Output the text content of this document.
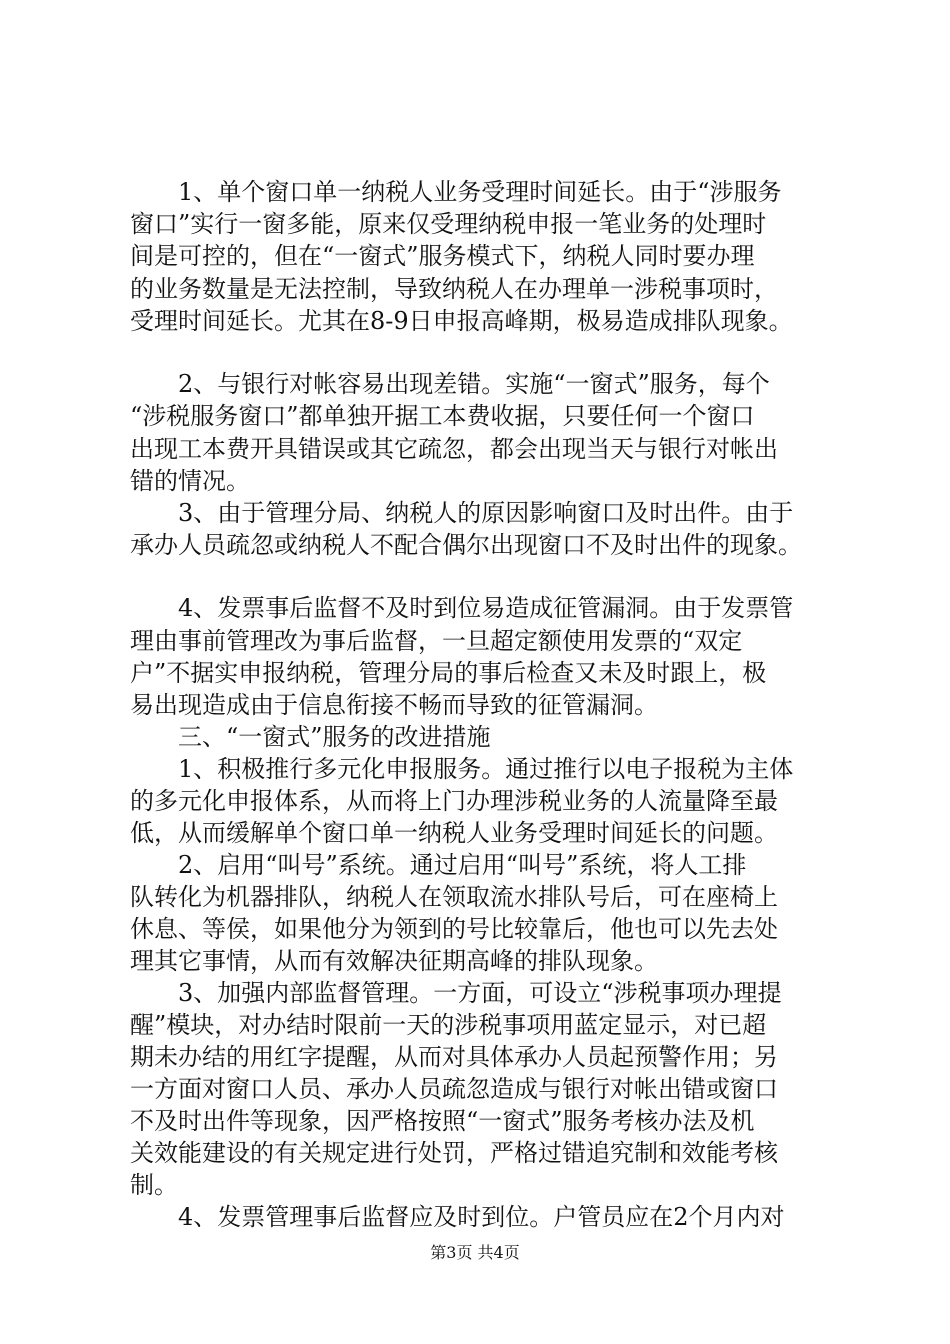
　　1、单个窗口单一纳税人业务受理时间延长。由于“涉服务
窗口”实行一窗多能，原来仅受理纳税申报一笔业务的处理时
间是可控的，但在“一窗式”服务模式下，纳税人同时要办理
的业务数量是无法控制，导致纳税人在办理单一涉税事项时，
受理时间延长。尤其在8-9日申报高峰期，极易造成排队现象。
　　2、与银行对帐容易出现差错。实施“一窗式”服务，每个
“涉税服务窗口”都单独开据工本费收据，只要任何一个窗口
出现工本费开具错误或其它疏忽，都会出现当天与银行对帐出
错的情况。
　　3、由于管理分局、纳税人的原因影响窗口及时出件。由于
承办人员疏忽或纳税人不配合偶尔出现窗口不及时出件的现象。
　　4、发票事后监督不及时到位易造成征管漏洞。由于发票管
理由事前管理改为事后监督，一旦超定额使用发票的“双定
户”不据实申报纳税，管理分局的事后检查又未及时跟上，极
易出现造成由于信息衔接不畅而导致的征管漏洞。
　　三、“一窗式”服务的改进措施
　　1、积极推行多元化申报服务。通过推行以电子报税为主体
的多元化申报体系，从而将上门办理涉税业务的人流量降至最
低，从而缓解单个窗口单一纳税人业务受理时间延长的问题。
　　2、启用“叫号”系统。通过启用“叫号”系统，将人工排
队转化为机器排队，纳税人在领取流水排队号后，可在座椅上
休息、等侯，如果他分为领到的号比较靠后，他也可以先去处
理其它事情，从而有效解决征期高峰的排队现象。
　　3、加强内部监督管理。一方面，可设立“涉税事项办理提
醒”模块，对办结时限前一天的涉税事项用蓝定显示，对已超
期未办结的用红字提醒，从而对具体承办人员起预警作用；另
一方面对窗口人员、承办人员疏忽造成与银行对帐出错或窗口
不及时出件等现象，因严格按照“一窗式”服务考核办法及机
关效能建设的有关规定进行处罚，严格过错追究制和效能考核
制。
　　4、发票管理事后监督应及时到位。户管员应在2个月内对
第3页 共4页
